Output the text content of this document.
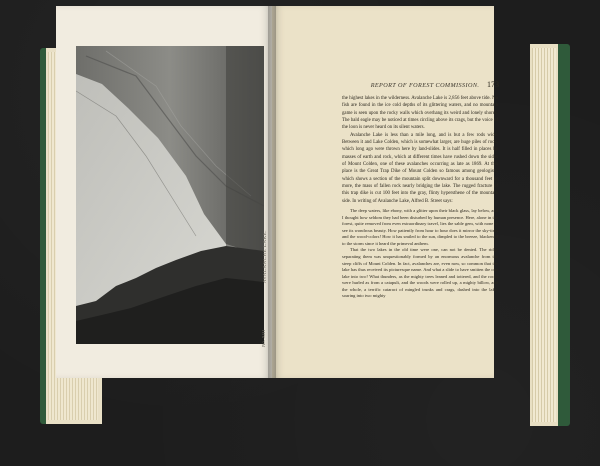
AVALANCHE LAKE.
No. XIII
REPORT OF FOREST COMMISSION. 173

the highest lakes in the wilderness. Avalanche Lake is 2,856 feet above tide. No fish are found in the ice cold depths of its glittering waters, and no mountain game is seen upon the rocky walls which overhang its weird and lonely shores. The bald eagle may be noticed at times circling above its crags, but the voice of the loon is never heard on its silent waters.

Avalanche Lake is less than a mile long, and is but a few rods wide. Between it and Lake Colden, which is somewhat larger, are huge piles of rock, which long ago were thrown here by land-slides. It is half filled in places by masses of earth and rock, which at different times have rushed down the sides of Mount Colden, one of these avalanches occurring as late as 1869. At this place is the Great Trap Dike of Mount Colden so famous among geologists, which shows a section of the mountain split downward for a thousand feet or more, the mass of fallen rock nearly bridging the lake. The rugged fracture of this trap dike is cut 100 feet into the gray, flinty hypersthene of the mountain side. In writing of Avalanche Lake, Alfred B. Street says:

The deep waters, like ebony, with a glitter upon their black glass, lay below, and I thought how seldom they had been disturbed by human presence. Here, alone in the forest, quite removed from even extraordinary travel, lies the sable gem, with none to see its wondrous beauty. How patiently from hour to hour does it mirror the sky-tints and the wood-colors! How it has smiled to the sun, dimpled to the breeze, blackened to the storm since it heard the primeval anthem.

That the two lakes in the old time were one, can not be denied. The ridge separating them was unquestionably formed by an enormous avalanche from the steep cliffs of Mount Colden. In fact, avalanches are, even now, so common that the lake has thus received its picturesque name. And what a slide to have smitten the one lake into two! What thunders, as the mighty trees leaned and tottered, and the rocks were hurled as from a catapult, and the woods were rolled up, a mighty billow, and the whole, a terrific cataract of mingled trunks and crags, dashed into the lake, soaring into two mighty
